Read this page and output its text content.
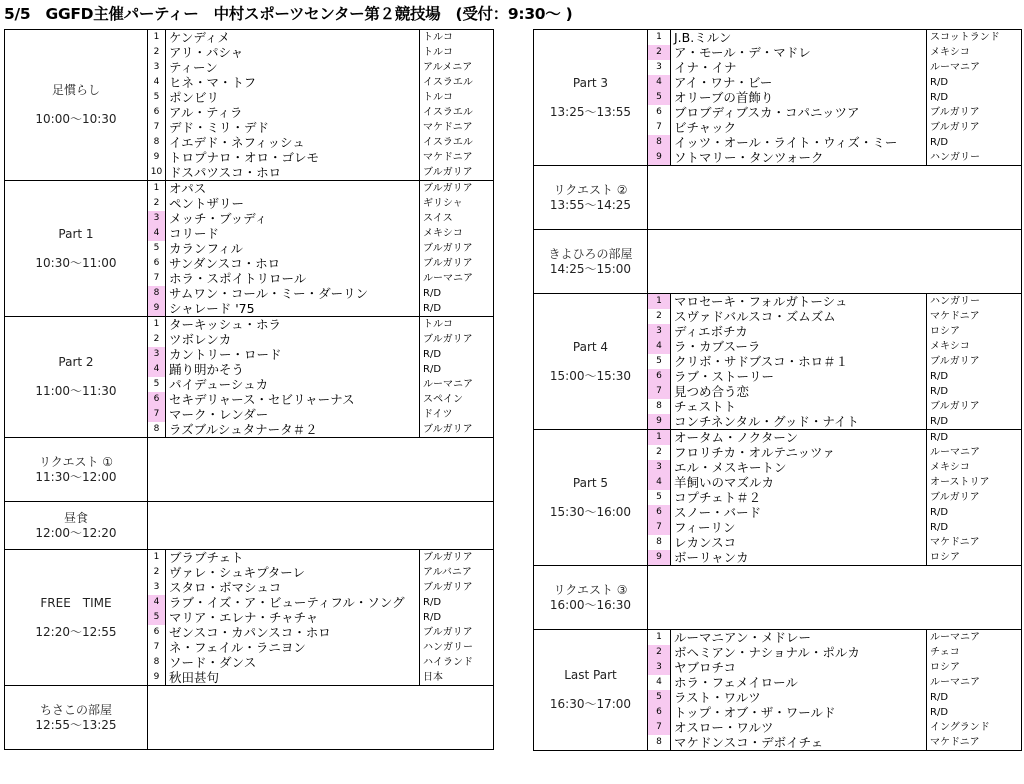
5/5　GGFD主催パーティー　中村スポーツセンター第２競技場　(受付：9:30～ )
足慣らし
10:00～10:30	1	ケンディメ	トルコ
	2	アリ・パシャ	トルコ
	3	ティーン	アルメニア
	4	ヒネ・マ・トフ	イスラエル
	5	ポンビリ	トルコ
	6	アル・ティラ	イスラエル
	7	デド・ミリ・デド	マケドニア
	8	イエデド・ネフィッシュ	イスラエル
	9	トロプナロ・オロ・ゴレモ	マケドニア
	10	ドスパツスコ・ホロ	ブルガリア

Part 1
10:30～11:00	1	オパス	ブルガリア
	2	ペントザリー	ギリシャ
	3	メッチ・ブッディ	スイス
	4	コリード	メキシコ
	5	カランフィル	ブルガリア
	6	サンダンスコ・ホロ	ブルガリア
	7	ホラ・スポイトリロール	ルーマニア
	8	サムワン・コール・ミー・ダーリン	R/D
	9	シャレード '75	R/D

Part 2
11:00～11:30	1	ターキッシュ・ホラ	トルコ
	2	ツボレンカ	ブルガリア
	3	カントリー・ロード	R/D
	4	踊り明かそう	R/D
	5	パイデューシュカ	ルーマニア
	6	セキデリャース・セビリャーナス	スペイン
	7	マーク・レンダー	ドイツ
	8	ラズブルシュタナータ＃２	ブルガリア

リクエスト ①
11:30～12:00			

昼食
12:00～12:20			

FREE　TIME
12:20～12:55	1	ブラブチェト	ブルガリア
	2	ヴァレ・シュキプターレ	アルバニア
	3	スタロ・ボマシュコ	ブルガリア
	4	ラブ・イズ・ア・ビューティフル・ソング	R/D
	5	マリア・エレナ・チャチャ	R/D
	6	ゼンスコ・カパンスコ・ホロ	ブルガリア
	7	ネ・フェイル・ラニヨン	ハンガリー
	8	ソード・ダンス	ハイランド
	9	秋田甚句	日本

ちさこの部屋
12:55～13:25			

Part 3
13:25～13:55	1	J.B.ミルン	スコットランド
	2	ア・モール・デ・マドレ	メキシコ
	3	イナ・イナ	ルーマニア
	4	アイ・ワナ・ビー	R/D
	5	オリーブの首飾り	R/D
	6	ブロブディブスカ・コパニッツア	ブルガリア
	7	ビチャック	ブルガリア
	8	イッツ・オール・ライト・ウィズ・ミー	R/D
	9	ソトマリー・タンツォーク	ハンガリー

リクエスト ②
13:55～14:25			

きよひろの部屋
14:25～15:00			

Part 4
15:00～15:30	1	マロセーキ・フォルガトーシュ	ハンガリー
	2	スヴァドバルスコ・ズムズム	マケドニア
	3	ディエボチカ	ロシア
	4	ラ・カブスーラ	メキシコ
	5	クリボ・サドブスコ・ホロ＃１	ブルガリア
	6	ラブ・ストーリー	R/D
	7	見つめ合う恋	R/D
	8	チェストト	ブルガリア
	9	コンチネンタル・グッド・ナイト	R/D

Part 5
15:30～16:00	1	オータム・ノクターン	R/D
	2	フロリチカ・オルテニッツァ	ルーマニア
	3	エル・メスキートン	メキシコ
	4	羊飼いのマズルカ	オーストリア
	5	コプチェト＃２	ブルガリア
	6	スノー・バード	R/D
	7	フィーリン	R/D
	8	レカンスコ	マケドニア
	9	ボーリャンカ	ロシア

リクエスト ③
16:00～16:30			

Last Part
16:30～17:00	1	ルーマニアン・メドレー	ルーマニア
	2	ボヘミアン・ナショナル・ポルカ	チェコ
	3	ヤブロチコ	ロシア
	4	ホラ・フェメイロール	ルーマニア
	5	ラスト・ワルツ	R/D
	6	トップ・オブ・ザ・ワールド	R/D
	7	オスロー・ワルツ	イングランド
	8	マケドンスコ・デボイチェ	マケドニア
